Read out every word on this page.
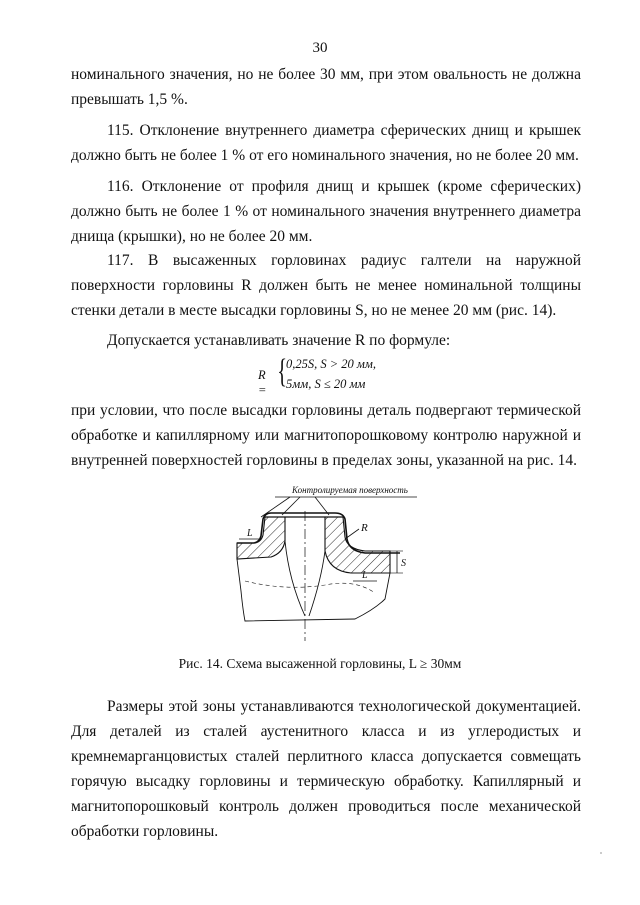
30
номинального значения, но не более 30 мм, при этом овальность не должна превышать 1,5 %.
115. Отклонение внутреннего диаметра сферических днищ и крышек должно быть не более 1 % от его номинального значения, но не более 20 мм.
116. Отклонение от профиля днищ и крышек (кроме сферических) должно быть не более 1 % от номинального значения внутреннего диаметра днища (крышки), но не более 20 мм.
117. В высаженных горловинах радиус галтели на наружной поверхности горловины R должен быть не менее номинальной толщины стенки детали в месте высадки горловины S, но не менее 20 мм (рис. 14).
Допускается устанавливать значение R по формуле:
R = {
0,25S, S > 20 мм,
5мм, S ≤ 20 мм
при условии, что после высадки горловины деталь подвергают термической обработке и капиллярному или магнитопорошковому контролю наружной и внутренней поверхностей горловины в пределах зоны, указанной на рис. 14.
Контролируемая поверхность
R
S
L
L
Рис. 14. Схема высаженной горловины, L ≥ 30мм
Размеры этой зоны устанавливаются технологической документацией. Для деталей из сталей аустенитного класса и из углеродистых и кремнемарганцовистых сталей перлитного класса допускается совмещать горячую высадку горловины и термическую обработку. Капиллярный и магнитопорошковый контроль должен проводиться после механической обработки горловины.
